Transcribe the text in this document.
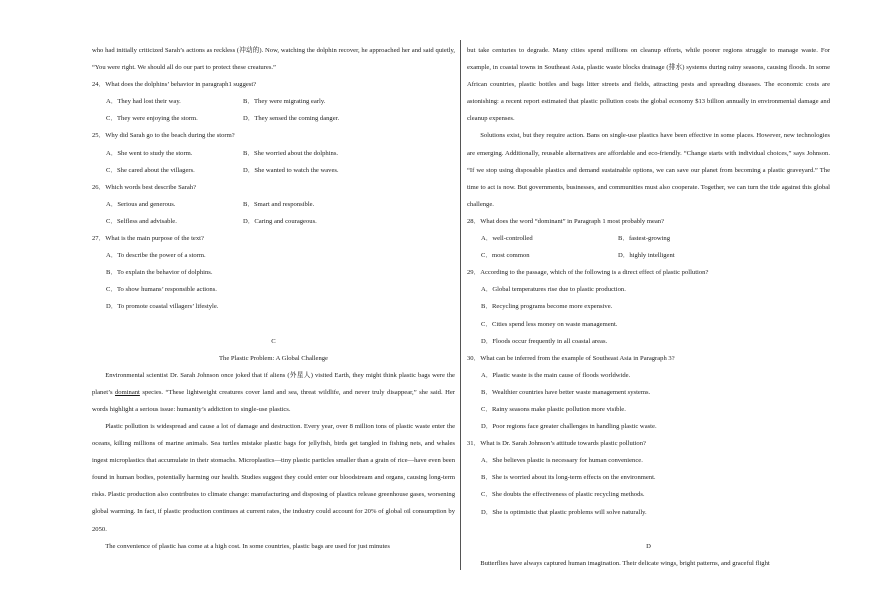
who had initially criticized Sarah’s actions as reckless (冲动的). Now, watching the dolphin recover, he approached her and said quietly, “You were right. We should all do our part to protect these creatures.”

24．What does the dolphins’ behavior in paragraph1 suggest?

A．They had lost their way.	B．They were migrating early.
C．They were enjoying the storm.	D．They sensed the coming danger.

25．Why did Sarah go to the beach during the storm?

A．She went to study the storm.	B．She worried about the dolphins.
C．She cared about the villagers.	D．She wanted to watch the waves.

26．Which words best describe Sarah?

A．Serious and generous.	B．Smart and responsible.
C．Selfless and advisable.	D．Caring and courageous.

27．What is the main purpose of the text?

A．To describe the power of a storm.

B．To explain the behavior of dolphins.

C．To show humans’ responsible actions.

D．To promote coastal villagers’ lifestyle.

C

The Plastic Problem: A Global Challenge

Environmental scientist Dr. Sarah Johnson once joked that if aliens (外星人) visited Earth, they might think plastic bags were the planet’s dominant species. “These lightweight creatures cover land and sea, threat wildlife, and never truly disappear,” she said. Her words highlight a serious issue: humanity’s addiction to single-use plastics.

Plastic pollution is widespread and cause a lot of damage and destruction. Every year, over 8 million tons of plastic waste enter the oceans, killing millions of marine animals. Sea turtles mistake plastic bags for jellyfish, birds get tangled in fishing nets, and whales ingest microplastics that accumulate in their stomachs. Microplastics—tiny plastic particles smaller than a grain of rice—have even been found in human bodies, potentially harming our health. Studies suggest they could enter our bloodstream and organs, causing long-term risks. Plastic production also contributes to climate change: manufacturing and disposing of plastics release greenhouse gases, worsening global warming. In fact, if plastic production continues at current rates, the industry could account for 20% of global oil consumption by 2050.

The convenience of plastic has come at a high cost. In some countries, plastic bags are used for just minutes

but take centuries to degrade. Many cities spend millions on cleanup efforts, while poorer regions struggle to manage waste. For example, in coastal towns in Southeast Asia, plastic waste blocks drainage (排水) systems during rainy seasons, causing floods. In some African countries, plastic bottles and bags litter streets and fields, attracting pests and spreading diseases. The economic costs are astonishing: a recent report estimated that plastic pollution costs the global economy $13 billion annually in environmental damage and cleanup expenses.

Solutions exist, but they require action. Bans on single-use plastics have been effective in some places. However, new technologies are emerging. Additionally, reusable alternatives are affordable and eco-friendly. “Change starts with individual choices,” says Johnson. “If we stop using disposable plastics and demand sustainable options, we can save our planet from becoming a plastic graveyard.” The time to act is now. But governments, businesses, and communities must also cooperate. Together, we can turn the tide against this global challenge.

28．What does the word “dominant” in Paragraph 1 most probably mean?

A．well-controlled	B．fastest-growing
C．most common	D．highly intelligent

29．According to the passage, which of the following is a direct effect of plastic pollution?

A．Global temperatures rise due to plastic production.

B．Recycling programs become more expensive.

C．Cities spend less money on waste management.

D．Floods occur frequently in all coastal areas.

30．What can be inferred from the example of Southeast Asia in Paragraph 3?

A．Plastic waste is the main cause of floods worldwide.

B．Wealthier countries have better waste management systems.

C．Rainy seasons make plastic pollution more visible.

D．Poor regions face greater challenges in handling plastic waste.

31．What is Dr. Sarah Johnson’s attitude towards plastic pollution?

A．She believes plastic is necessary for human convenience.

B．She is worried about its long-term effects on the environment.

C．She doubts the effectiveness of plastic recycling methods.

D．She is optimistic that plastic problems will solve naturally.

D

Butterflies have always captured human imagination. Their delicate wings, bright patterns, and graceful flight
